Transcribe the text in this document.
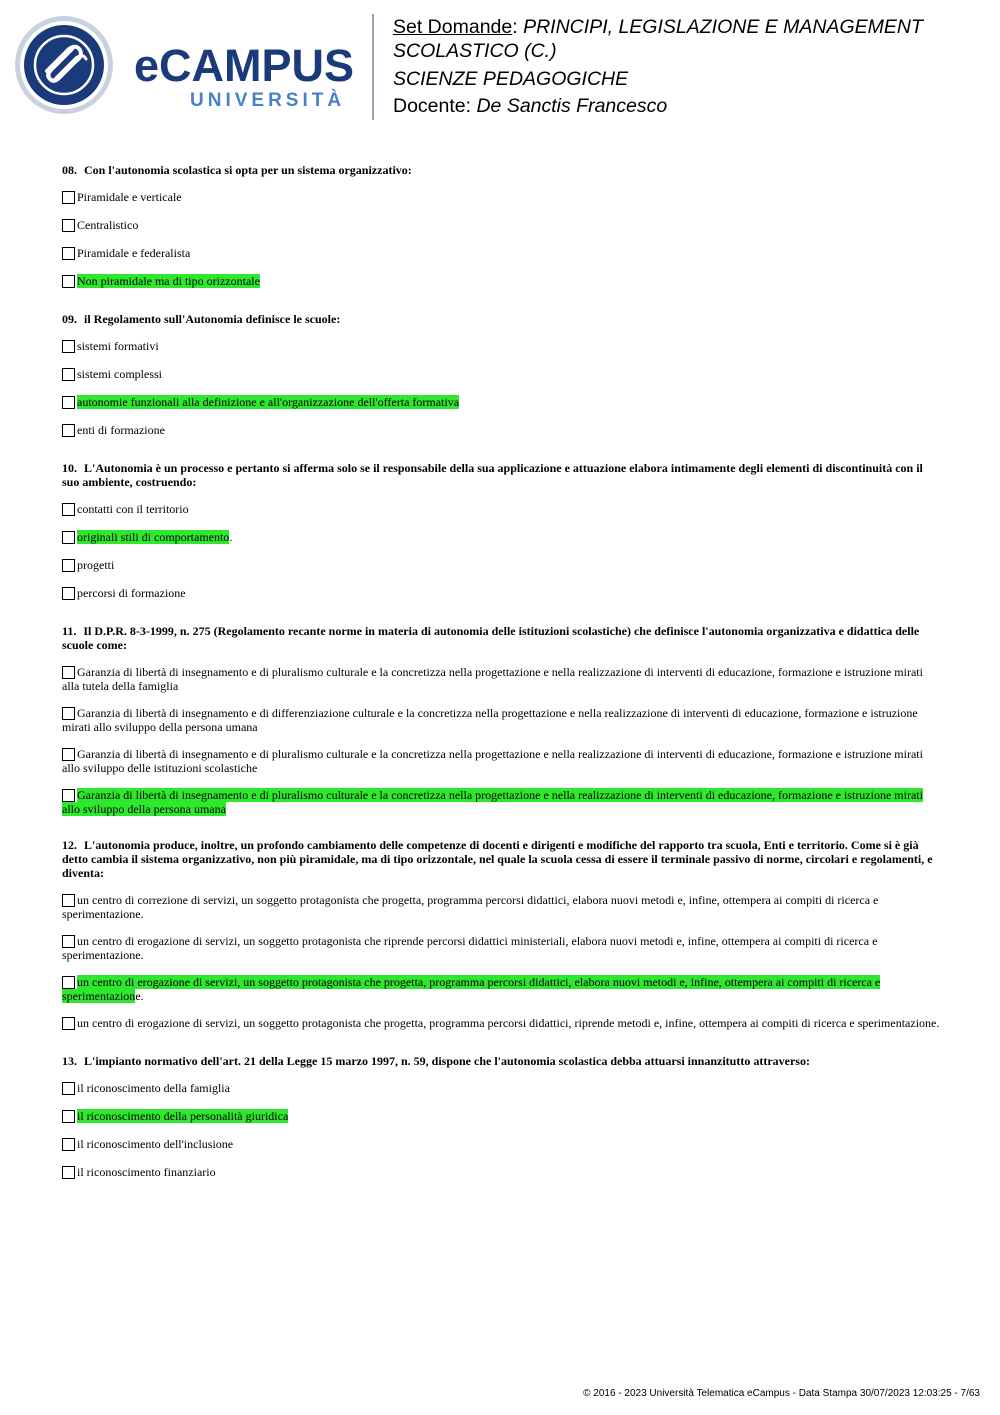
eCAMPUS
UNIVERSITÀ
Set Domande: PRINCIPI, LEGISLAZIONE E MANAGEMENT
SCOLASTICO (C.)
SCIENZE PEDAGOGICHE
Docente: De Sanctis Francesco
08. Con l'autonomia scolastica si opta per un sistema organizzativo:
Piramidale e verticale
Centralistico
Piramidale e federalista
Non piramidale ma di tipo orizzontale
09. il Regolamento sull'Autonomia definisce le scuole:
sistemi formativi
sistemi complessi
autonomie funzionali alla definizione e all'organizzazione dell'offerta formativa
enti di formazione
10. L'Autonomia è un processo e pertanto si afferma solo se il responsabile della sua applicazione e attuazione elabora intimamente degli elementi di discontinuità con il suo ambiente, costruendo:
contatti con il territorio
originali stili di comportamento.
progetti
percorsi di formazione
11. Il D.P.R. 8-3-1999, n. 275 (Regolamento recante norme in materia di autonomia delle istituzioni scolastiche) che definisce l'autonomia organizzativa e didattica delle scuole come:
Garanzia di libertà di insegnamento e di pluralismo culturale e la concretizza nella progettazione e nella realizzazione di interventi di educazione, formazione e istruzione mirati alla tutela della famiglia
Garanzia di libertà di insegnamento e di differenziazione culturale e la concretizza nella progettazione e nella realizzazione di interventi di educazione, formazione e istruzione mirati allo sviluppo della persona umana
Garanzia di libertà di insegnamento e di pluralismo culturale e la concretizza nella progettazione e nella realizzazione di interventi di educazione, formazione e istruzione mirati allo sviluppo delle istituzioni scolastiche
Garanzia di libertà di insegnamento e di pluralismo culturale e la concretizza nella progettazione e nella realizzazione di interventi di educazione, formazione e istruzione mirati allo sviluppo della persona umana
12. L'autonomia produce, inoltre, un profondo cambiamento delle competenze di docenti e dirigenti e modifiche del rapporto tra scuola, Enti e territorio. Come si è già detto cambia il sistema organizzativo, non più piramidale, ma di tipo orizzontale, nel quale la scuola cessa di essere il terminale passivo di norme, circolari e regolamenti, e diventa:
un centro di correzione di servizi, un soggetto protagonista che progetta, programma percorsi didattici, elabora nuovi metodi e, infine, ottempera ai compiti di ricerca e sperimentazione.
un centro di erogazione di servizi, un soggetto protagonista che riprende percorsi didattici ministeriali, elabora nuovi metodi e, infine, ottempera ai compiti di ricerca e sperimentazione.
un centro di erogazione di servizi, un soggetto protagonista che progetta, programma percorsi didattici, elabora nuovi metodi e, infine, ottempera ai compiti di ricerca e sperimentazione.
un centro di erogazione di servizi, un soggetto protagonista che progetta, programma percorsi didattici, riprende metodi e, infine, ottempera ai compiti di ricerca e sperimentazione.
13. L'impianto normativo dell'art. 21 della Legge 15 marzo 1997, n. 59, dispone che l'autonomia scolastica debba attuarsi innanzitutto attraverso:
il riconoscimento della famiglia
il riconoscimento della personalità giuridica
il riconoscimento dell'inclusione
il riconoscimento finanziario
© 2016 - 2023 Università Telematica eCampus - Data Stampa 30/07/2023 12:03:25 - 7/63
